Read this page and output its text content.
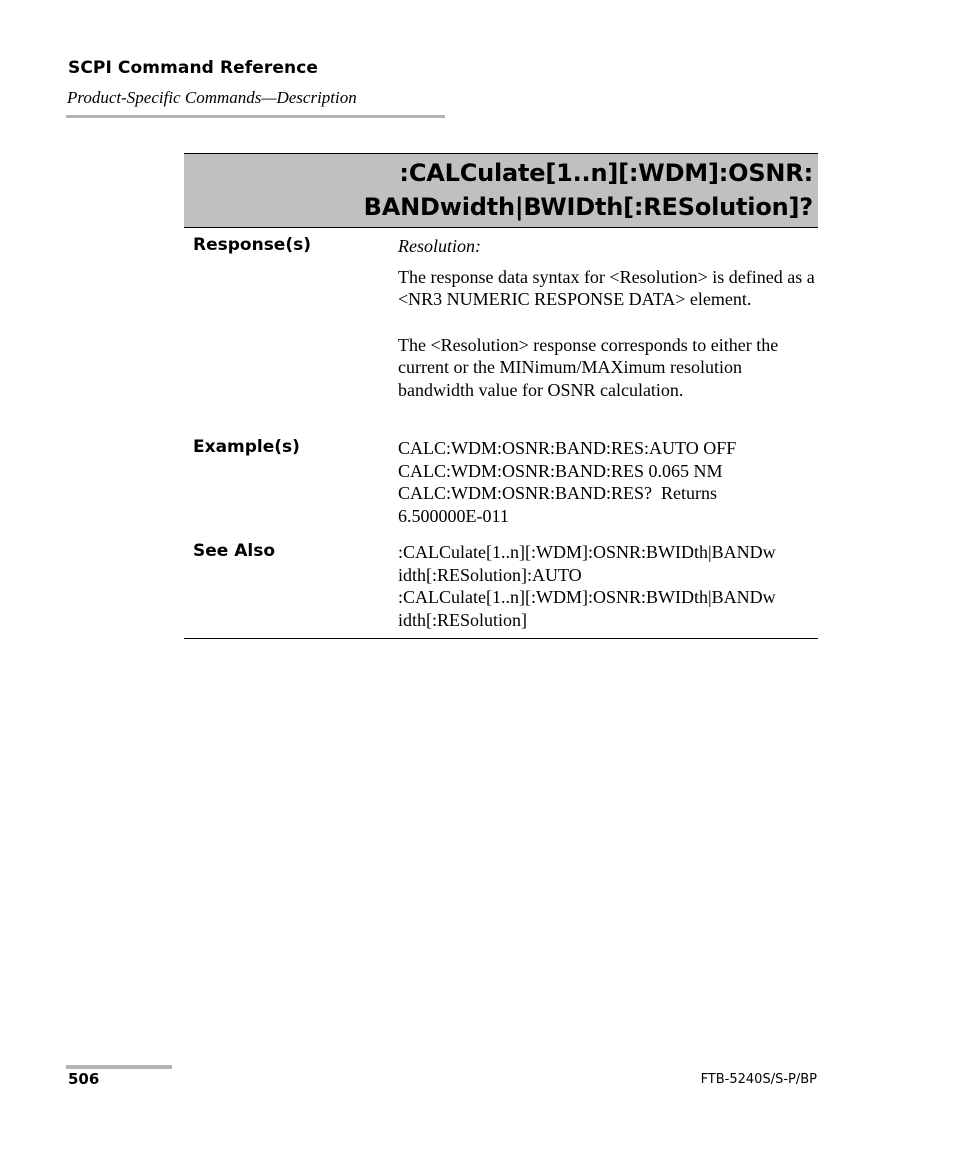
SCPI Command Reference
Product-Specific Commands—Description
:CALCulate[1..n][:WDM]:OSNR:
BANDwidth|BWIDth[:RESolution]?
Response(s)	Resolution:

The response data syntax for <Resolution> is defined as a <NR3 NUMERIC RESPONSE DATA> element.

The <Resolution> response corresponds to either the current or the MINimum/MAXimum resolution bandwidth value for OSNR calculation.

Example(s)	CALC:WDM:OSNR:BAND:RES:AUTO OFF

CALC:WDM:OSNR:BAND:RES 0.065 NM

CALC:WDM:OSNR:BAND:RES?  Returns

6.500000E-011

See Also	:CALCulate[1..n][:WDM]:OSNR:BWIDth|BANDw

idth[:RESolution]:AUTO

:CALCulate[1..n][:WDM]:OSNR:BWIDth|BANDw

idth[:RESolution]

506	FTB-5240S/S-P/BP
